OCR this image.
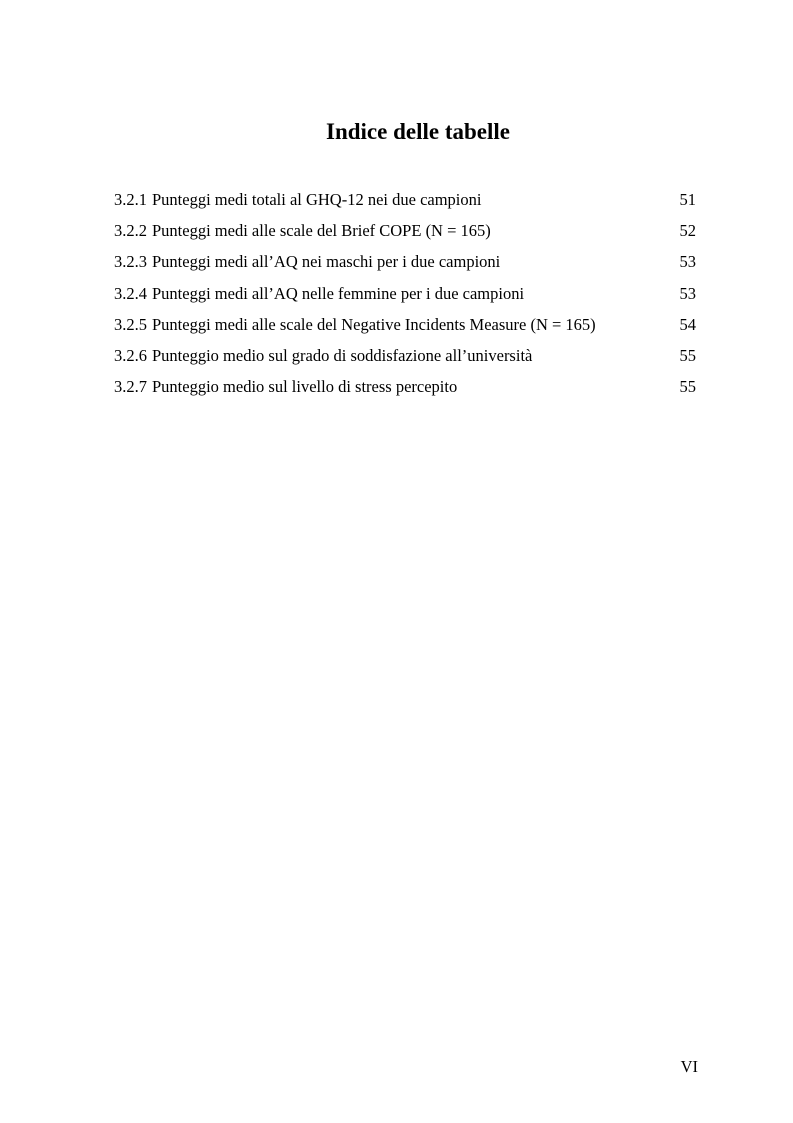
Indice delle tabelle
3.2.1 Punteggi medi totali al GHQ-12 nei due campioni	51
3.2.2 Punteggi medi alle scale del Brief COPE (N = 165)	52
3.2.3 Punteggi medi all’AQ nei maschi per i due campioni	53
3.2.4 Punteggi medi all’AQ nelle femmine per i due campioni	53
3.2.5 Punteggi medi alle scale del Negative Incidents Measure (N = 165)	54
3.2.6 Punteggio medio sul grado di soddisfazione all’università	55
3.2.7 Punteggio medio sul livello di stress percepito	55
VI
